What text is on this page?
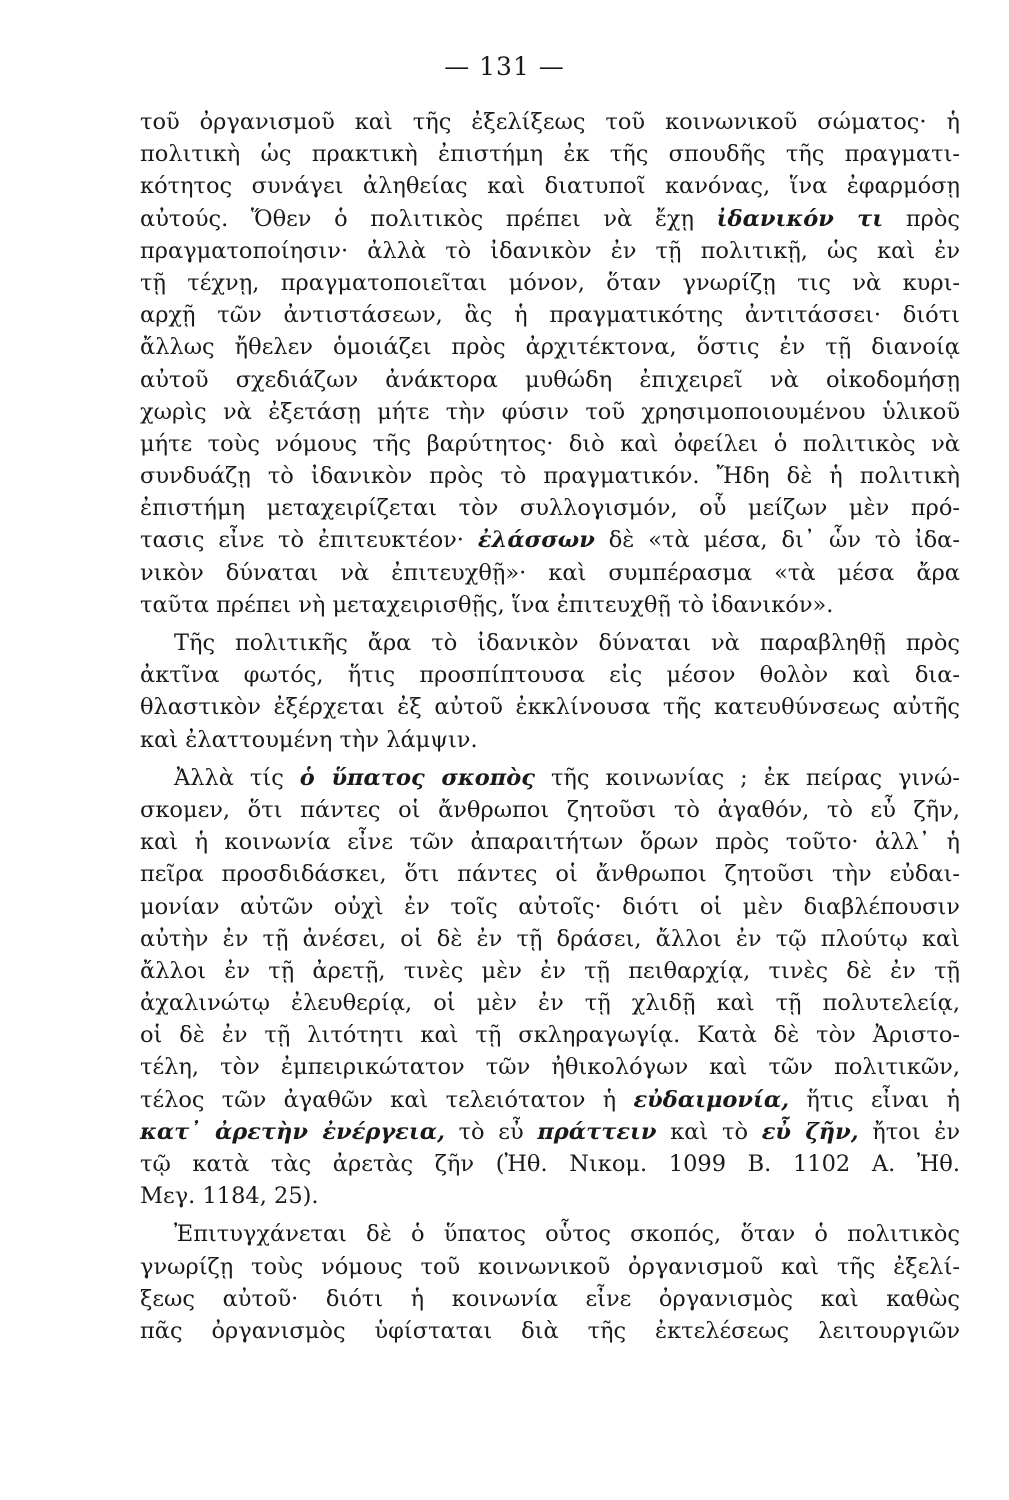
— 131 —
τοῦ ὀργανισμοῦ καὶ τῆς ἐξελίξεως τοῦ κοινωνικοῦ σώματος· ἡ
πολιτικὴ ὡς πρακτικὴ ἐπιστήμη ἐκ τῆς σπουδῆς τῆς πραγματι-
κότητος συνάγει ἀληθείας καὶ διατυποῖ κανόνας, ἵνα ἐφαρμόσῃ
αὐτούς. Ὅθεν ὁ πολιτικὸς πρέπει νὰ ἔχῃ ἰδανικόν τι πρὸς
πραγματοποίησιν· ἀλλὰ τὸ ἰδανικὸν ἐν τῇ πολιτικῇ, ὡς καὶ ἐν
τῇ τέχνῃ, πραγματοποιεῖται μόνον, ὅταν γνωρίζῃ τις νὰ κυρι-
αρχῇ τῶν ἀντιστάσεων, ἃς ἡ πραγματικότης ἀντιτάσσει· διότι
ἄλλως ἤθελεν ὁμοιάζει πρὸς ἀρχιτέκτονα, ὅστις ἐν τῇ διανοίᾳ
αὐτοῦ σχεδιάζων ἀνάκτορα μυθώδη ἐπιχειρεῖ νὰ οἰκοδομήσῃ
χωρὶς νὰ ἐξετάσῃ μήτε τὴν φύσιν τοῦ χρησιμοποιουμένου ὑλικοῦ
μήτε τοὺς νόμους τῆς βαρύτητος· διὸ καὶ ὀφείλει ὁ πολιτικὸς νὰ
συνδυάζῃ τὸ ἰδανικὸν πρὸς τὸ πραγματικόν. Ἤδη δὲ ἡ πολιτικὴ
ἐπιστήμη μεταχειρίζεται τὸν συλλογισμόν, οὗ μείζων μὲν πρό-
τασις εἶνε τὸ ἐπιτευκτέον· ἐλάσσων δὲ «τὰ μέσα, δι᾽ ὧν τὸ ἰδα-
νικὸν δύναται νὰ ἐπιτευχθῇ»· καὶ συμπέρασμα «τὰ μέσα ἄρα
ταῦτα πρέπει νὴ μεταχειρισθῇς, ἵνα ἐπιτευχθῇ τὸ ἰδανικόν».
Τῆς πολιτικῆς ἄρα τὸ ἰδανικὸν δύναται νὰ παραβληθῇ πρὸς
ἀκτῖνα φωτός, ἥτις προσπίπτουσα εἰς μέσον θολὸν καὶ δια-
θλαστικὸν ἐξέρχεται ἐξ αὐτοῦ ἐκκλίνουσα τῆς κατευθύνσεως αὐτῆς
καὶ ἐλαττουμένη τὴν λάμψιν.
Ἀλλὰ τίς ὁ ὕπατος σκοπὸς τῆς κοινωνίας ; ἐκ πείρας γινώ-
σκομεν, ὅτι πάντες οἱ ἄνθρωποι ζητοῦσι τὸ ἀγαθόν, τὸ εὖ ζῆν,
καὶ ἡ κοινωνία εἶνε τῶν ἀπαραιτήτων ὅρων πρὸς τοῦτο· ἀλλ᾽ ἡ
πεῖρα προσδιδάσκει, ὅτι πάντες οἱ ἄνθρωποι ζητοῦσι τὴν εὐδαι-
μονίαν αὐτῶν οὐχὶ ἐν τοῖς αὐτοῖς· διότι οἱ μὲν διαβλέπουσιν
αὐτὴν ἐν τῇ ἀνέσει, οἱ δὲ ἐν τῇ δράσει, ἄλλοι ἐν τῷ πλούτῳ καὶ
ἄλλοι ἐν τῇ ἀρετῇ, τινὲς μὲν ἐν τῇ πειθαρχίᾳ, τινὲς δὲ ἐν τῇ
ἀχαλινώτῳ ἐλευθερίᾳ, οἱ μὲν ἐν τῇ χλιδῇ καὶ τῇ πολυτελείᾳ,
οἱ δὲ ἐν τῇ λιτότητι καὶ τῇ σκληραγωγίᾳ. Κατὰ δὲ τὸν Ἀριστο-
τέλη, τὸν ἐμπειρικώτατον τῶν ἠθικολόγων καὶ τῶν πολιτικῶν,
τέλος τῶν ἀγαθῶν καὶ τελειότατον ἡ εὐδαιμονία, ἥτις εἶναι ἡ
κατ᾽ ἀρετὴν ἐνέργεια, τὸ εὖ πράττειν καὶ τὸ εὖ ζῆν, ἤτοι ἐν
τῷ κατὰ τὰς ἀρετὰς ζῆν (Ἠθ. Νικομ. 1099 Β. 1102 Α. Ἠθ.
Μεγ. 1184, 25).
Ἐπιτυγχάνεται δὲ ὁ ὕπατος οὗτος σκοπός, ὅταν ὁ πολιτικὸς
γνωρίζῃ τοὺς νόμους τοῦ κοινωνικοῦ ὀργανισμοῦ καὶ τῆς ἐξελί-
ξεως αὐτοῦ· διότι ἡ κοινωνία εἶνε ὀργανισμὸς καὶ καθὼς
πᾶς ὀργανισμὸς ὑφίσταται διὰ τῆς ἐκτελέσεως λειτουργιῶν
